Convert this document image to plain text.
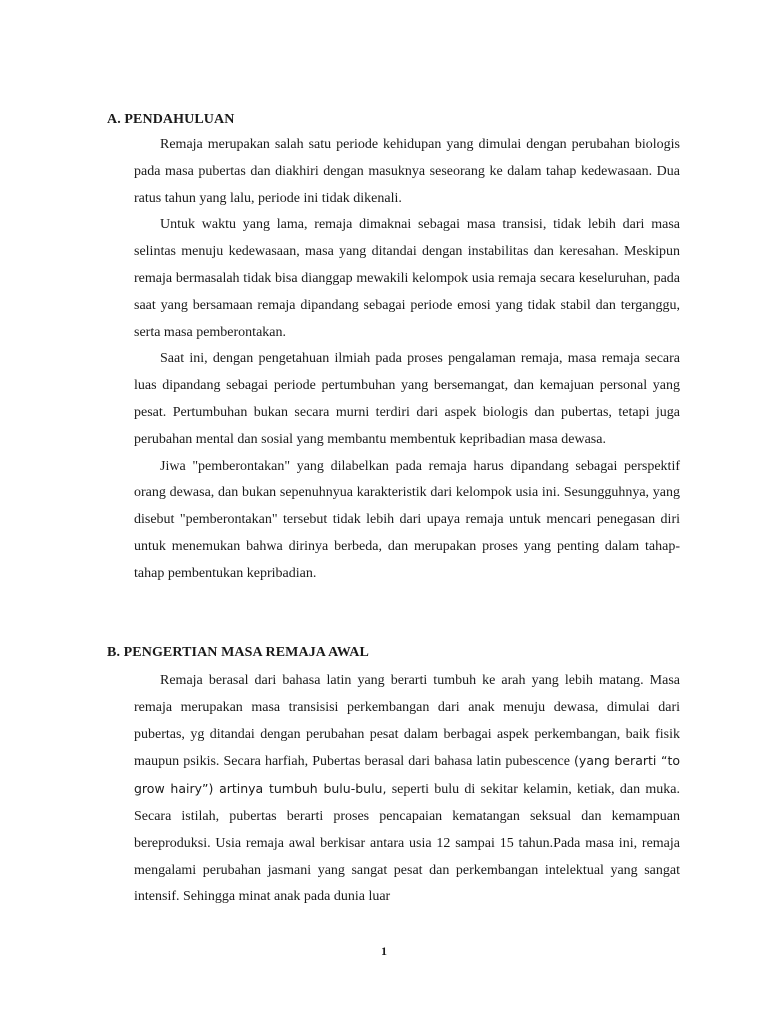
A. PENDAHULUAN

Remaja merupakan salah satu periode kehidupan yang dimulai dengan perubahan biologis pada masa pubertas dan diakhiri dengan masuknya seseorang ke dalam tahap kedewasaan. Dua ratus tahun yang lalu, periode ini tidak dikenali.

Untuk waktu yang lama, remaja dimaknai sebagai masa transisi, tidak lebih dari masa selintas menuju kedewasaan, masa yang ditandai dengan instabilitas dan keresahan. Meskipun remaja bermasalah tidak bisa dianggap mewakili kelompok usia remaja secara keseluruhan, pada saat yang bersamaan remaja dipandang sebagai periode emosi yang tidak stabil dan terganggu, serta masa pemberontakan.

Saat ini, dengan pengetahuan ilmiah pada proses pengalaman remaja, masa remaja secara luas dipandang sebagai periode pertumbuhan yang bersemangat, dan kemajuan personal yang pesat. Pertumbuhan bukan secara murni terdiri dari aspek biologis dan pubertas, tetapi juga perubahan mental dan sosial yang membantu membentuk kepribadian masa dewasa.

Jiwa "pemberontakan" yang dilabelkan pada remaja harus dipandang sebagai perspektif orang dewasa, dan bukan sepenuhnyua karakteristik dari kelompok usia ini. Sesungguhnya, yang disebut "pemberontakan" tersebut tidak lebih dari upaya remaja untuk mencari penegasan diri untuk menemukan bahwa dirinya berbeda, dan merupakan proses yang penting dalam tahap-tahap pembentukan kepribadian.

B. PENGERTIAN MASA REMAJA AWAL

Remaja berasal dari bahasa latin yang berarti tumbuh ke arah yang lebih matang. Masa remaja merupakan masa transisisi perkembangan dari anak menuju dewasa, dimulai dari pubertas, yg ditandai dengan perubahan pesat dalam berbagai aspek perkembangan, baik fisik maupun psikis. Secara harfiah, Pubertas berasal dari bahasa latin pubescence (yang berarti “to grow hairy”) artinya tumbuh bulu-bulu, seperti bulu di sekitar kelamin, ketiak, dan muka. Secara istilah, pubertas berarti proses pencapaian kematangan seksual dan kemampuan bereproduksi. Usia remaja awal berkisar antara usia 12 sampai 15 tahun.Pada masa ini, remaja mengalami perubahan jasmani yang sangat pesat dan perkembangan intelektual yang sangat intensif. Sehingga minat anak pada dunia luar

1
